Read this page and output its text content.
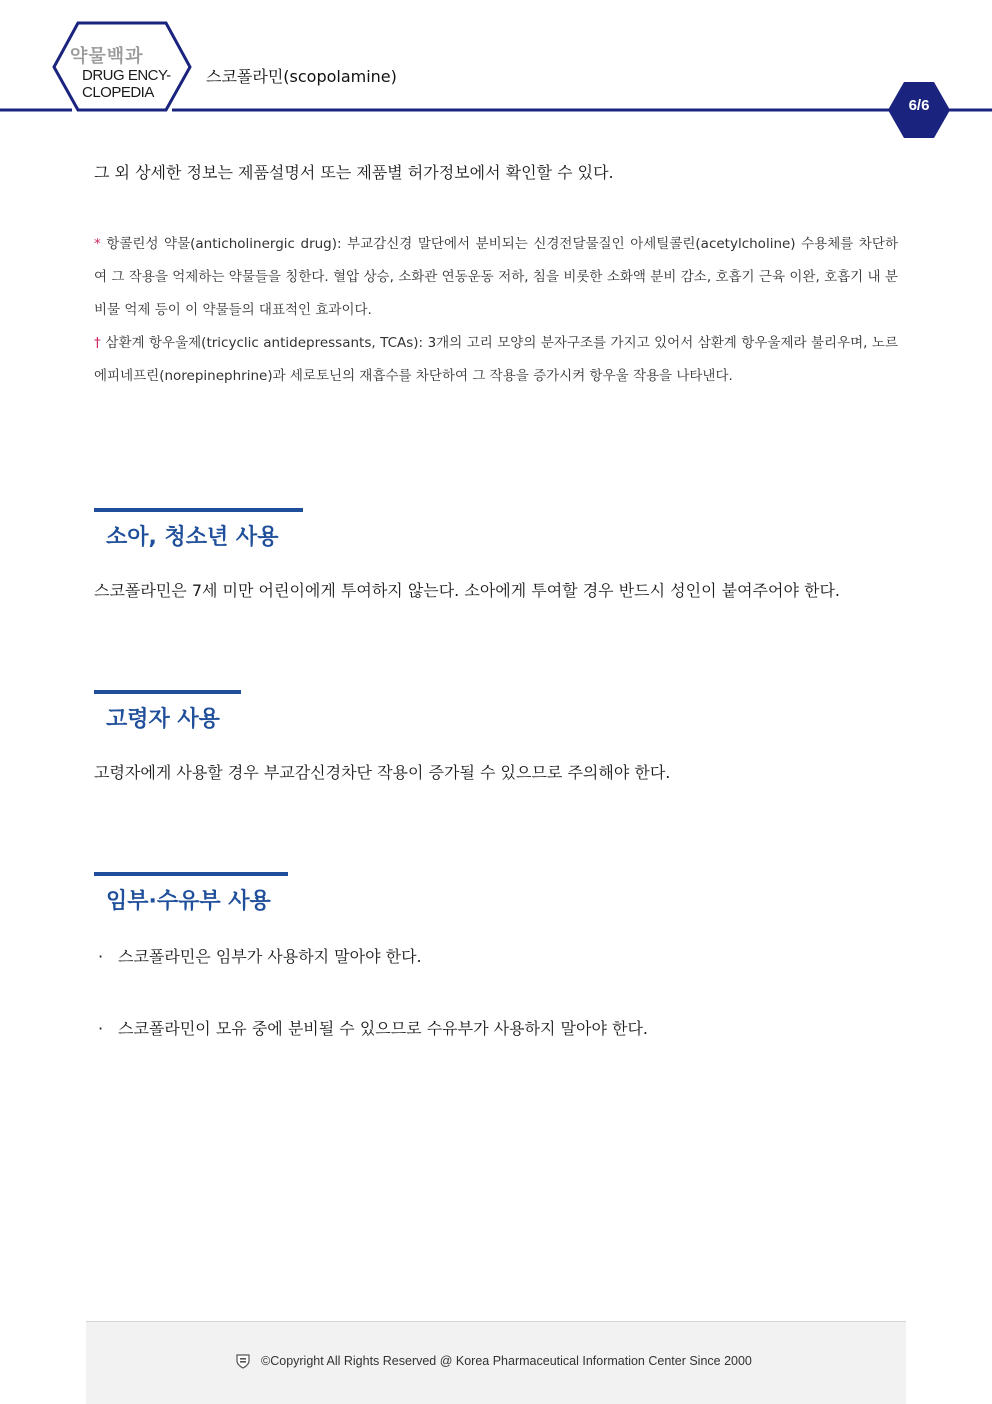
약물백과
DRUG ENCY-
CLOPEDIA
스코폴라민(scopolamine)
6/6
그 외 상세한 정보는 제품설명서 또는 제품별 허가정보에서 확인할 수 있다.
* 항콜린성 약물(anticholinergic drug): 부교감신경 말단에서 분비되는 신경전달물질인 아세틸콜린(acetylcholine) 수용체를 차단하여 그 작용을 억제하는 약물들을 칭한다. 혈압 상승, 소화관 연동운동 저하, 침을 비롯한 소화액 분비 감소, 호흡기 근육 이완, 호흡기 내 분비물 억제 등이 이 약물들의 대표적인 효과이다.
† 삼환계 항우울제(tricyclic antidepressants, TCAs): 3개의 고리 모양의 분자구조를 가지고 있어서 삼환계 항우울제라 불리우며, 노르에피네프린(norepinephrine)과 세로토닌의 재흡수를 차단하여 그 작용을 증가시켜 항우울 작용을 나타낸다.
소아, 청소년 사용
스코폴라민은 7세 미만 어린이에게 투여하지 않는다. 소아에게 투여할 경우 반드시 성인이 붙여주어야 한다.
고령자 사용
고령자에게 사용할 경우 부교감신경차단 작용이 증가될 수 있으므로 주의해야 한다.
임부·수유부 사용
· 스코폴라민은 임부가 사용하지 말아야 한다.
· 스코폴라민이 모유 중에 분비될 수 있으므로 수유부가 사용하지 말아야 한다.
©Copyright All Rights Reserved @ Korea Pharmaceutical Information Center Since 2000
